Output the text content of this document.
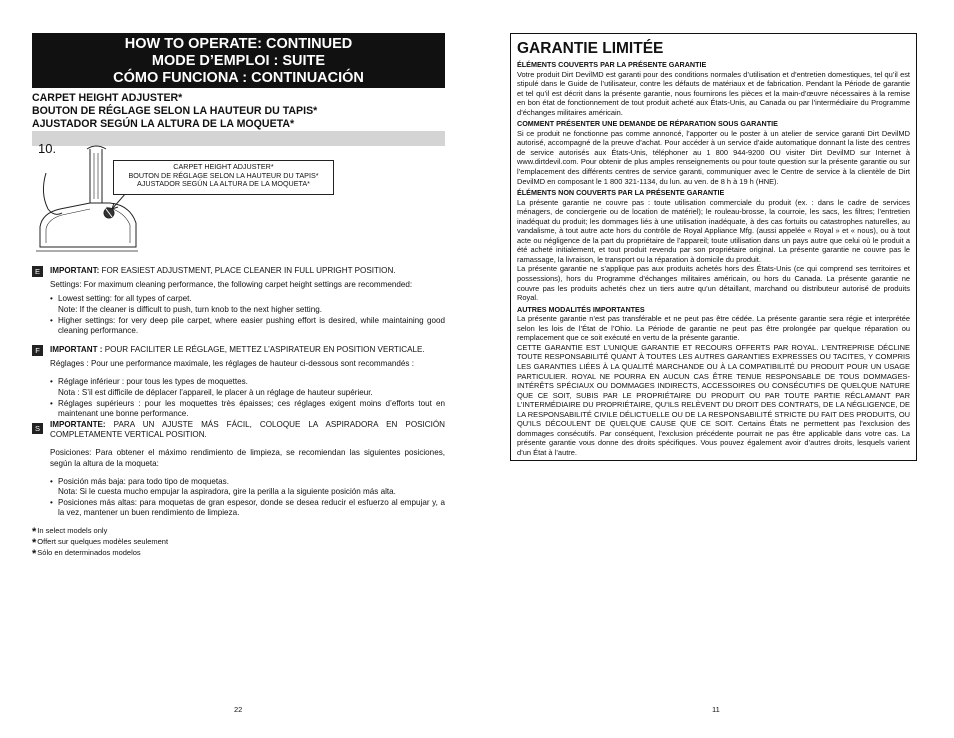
HOW TO OPERATE: CONTINUED
MODE D’EMPLOI : SUITE
CÓMO FUNCIONA : CONTINUACIÓN
CARPET HEIGHT ADJUSTER*
BOUTON DE RÉGLAGE SELON LA HAUTEUR DU TAPIS*
AJUSTADOR SEGÚN LA ALTURA DE LA MOQUETA*
10.
CARPET HEIGHT ADJUSTER*
BOUTON DE RÉGLAGE SELON LA HAUTEUR DU TAPIS*
AJUSTADOR SEGÚN LA ALTURA DE LA MOQUETA*
E	IMPORTANT: FOR EASIEST ADJUSTMENT, PLACE CLEANER IN FULL UPRIGHT POSITION.

Settings: For maximum cleaning performance, the following carpet height settings are recommended:

• Lowest setting: for all types of carpet.
Note: If the cleaner is difficult to push, turn knob to the next higher setting.
• Higher settings: for very deep pile carpet, where easier pushing effort is desired, while maintaining good cleaning performance.
F	IMPORTANT : POUR FACILITER LE RÉGLAGE, METTEZ L’ASPIRATEUR EN POSITION VERTICALE.

Réglages : Pour une performance maximale, les réglages de hauteur ci-dessous sont recommandés :

• Réglage inférieur : pour tous les types de moquettes.
Nota : S’il est difficile de déplacer l’appareil, le placer à un réglage de hauteur supérieur.
• Réglages supérieurs : pour les moquettes très épaisses; ces réglages exigent moins d’efforts tout en maintenant une bonne performance.
S	IMPORTANTE: PARA UN AJUSTE MÁS FÁCIL, COLOQUE LA ASPIRADORA EN POSICIÓN COMPLETAMENTE VERTICAL POSITION.

Posiciones: Para obtener el máximo rendimiento de limpieza, se recomiendan las siguientes posiciones, según la altura de la moqueta:

• Posición más baja: para todo tipo de moquetas.
Nota: Si le cuesta mucho empujar la aspiradora, gire la perilla a la siguiente posición más alta.
• Posiciones más altas: para moquetas de gran espesor, donde se desea reducir el esfuerzo al empujar y, a la vez, mantener un buen rendimiento de limpieza.
*In select models only
*Offert sur quelques modèles seulement
*Sólo en determinados modelos
22
GARANTIE LIMITÉE
ÉLÉMENTS COUVERTS PAR LA PRÉSENTE GARANTIE
Votre produit Dirt DevilMD est garanti pour des conditions normales d’utilisation et d’entretien domestiques, tel qu’il est stipulé dans le Guide de l’utilisateur, contre les défauts de matériaux et de fabrication. Pendant la Période de garantie et tel qu’il est décrit dans la présente garantie, nous fournirons les pièces et la main-d’œuvre nécessaires à la remise en bon état de fonctionnement de tout produit acheté aux États-Unis, au Canada ou par l’intermédiaire du Programme d’échanges militaires américain.
COMMENT PRÉSENTER UNE DEMANDE DE RÉPARATION SOUS GARANTIE
Si ce produit ne fonctionne pas comme annoncé, l’apporter ou le poster à un atelier de service garanti Dirt DevilMD autorisé, accompagné de la preuve d’achat. Pour accéder à un service d’aide automatique donnant la liste des centres de service autorisés aux États-Unis, téléphoner au 1 800 944-9200 OU visiter Dirt DevilMD sur Internet à www.dirtdevil.com. Pour obtenir de plus amples renseignements ou pour toute question sur la présente garantie ou sur l’emplacement des différents centres de service garanti, communiquer avec le Centre de service à la clientèle de Dirt DevilMD en composant le 1 800 321-1134, du lun. au ven. de 8 h à 19 h (HNE).
ÉLÉMENTS NON COUVERTS PAR LA PRÉSENTE GARANTIE
La présente garantie ne couvre pas : toute utilisation commerciale du produit (ex. : dans le cadre de services ménagers, de conciergerie ou de location de matériel); le rouleau-brosse, la courroie, les sacs, les filtres; l’entretien inadéquat du produit; les dommages liés à une utilisation inadéquate, à des cas fortuits ou catastrophes naturelles, au vandalisme, à tout autre acte hors du contrôle de Royal Appliance Mfg. (aussi appelée « Royal » et « nous), ou à tout acte ou négligence de la part du propriétaire de l’appareil; toute utilisation dans un pays autre que celui où le produit a été acheté initialement, et tout produit revendu par son propriétaire original. La présente garantie ne couvre pas le ramassage, la livraison, le transport ou la réparation à domicile du produit.
La présente garantie ne s’applique pas aux produits achetés hors des États-Unis (ce qui comprend ses territoires et possessions), hors du Programme d’échanges militaires américain, ou hors du Canada. La présente garantie ne couvre pas les produits achetés chez un tiers autre qu’un détaillant, marchand ou distributeur autorisé de produits Royal.
AUTRES MODALITÉS IMPORTANTES
La présente garantie n’est pas transférable et ne peut pas être cédée. La présente garantie sera régie et interprétée selon les lois de l’État de l’Ohio. La Période de garantie ne peut pas être prolongée par quelque réparation ou remplacement que ce soit exécuté en vertu de la présente garantie.
CETTE GARANTIE EST L’UNIQUE GARANTIE ET RECOURS OFFERTS PAR ROYAL. L’ENTREPRISE DÉCLINE TOUTE RESPONSABILITÉ QUANT À TOUTES LES AUTRES GARANTIES EXPRESSES OU TACITES, Y COMPRIS LES GARANTIES LIÉES À LA QUALITÉ MARCHANDE OU À LA COMPATIBILITÉ DU PRODUIT POUR UN USAGE PARTICULIER. ROYAL NE POURRA EN AUCUN CAS ÊTRE TENUE RESPONSABLE DE TOUS DOMMAGES-INTÉRÊTS SPÉCIAUX OU DOMMAGES INDIRECTS, ACCESSOIRES OU CONSÉCUTIFS DE QUELQUE NATURE QUE CE SOIT, SUBIS PAR LE PROPRIÉTAIRE DU PRODUIT OU PAR TOUTE PARTIE RÉCLAMANT PAR L’INTERMÉDIAIRE DU PROPRIÉTAIRE, QU’ILS RELÈVENT DU DROIT DES CONTRATS, DE LA NÉGLIGENCE, DE LA RESPONSABILITÉ CIVILE DÉLICTUELLE OU DE LA RESPONSABILITÉ STRICTE DU FAIT DES PRODUITS, OU QU’ILS DÉCOULENT DE QUELQUE CAUSE QUE CE SOIT. Certains États ne permettent pas l’exclusion des dommages consécutifs. Par conséquent, l’exclusion précédente pourrait ne pas être applicable dans votre cas. La présente garantie vous donne des droits spécifiques. Vous pouvez également avoir d’autres droits, lesquels varient d’un État à l’autre.
11
